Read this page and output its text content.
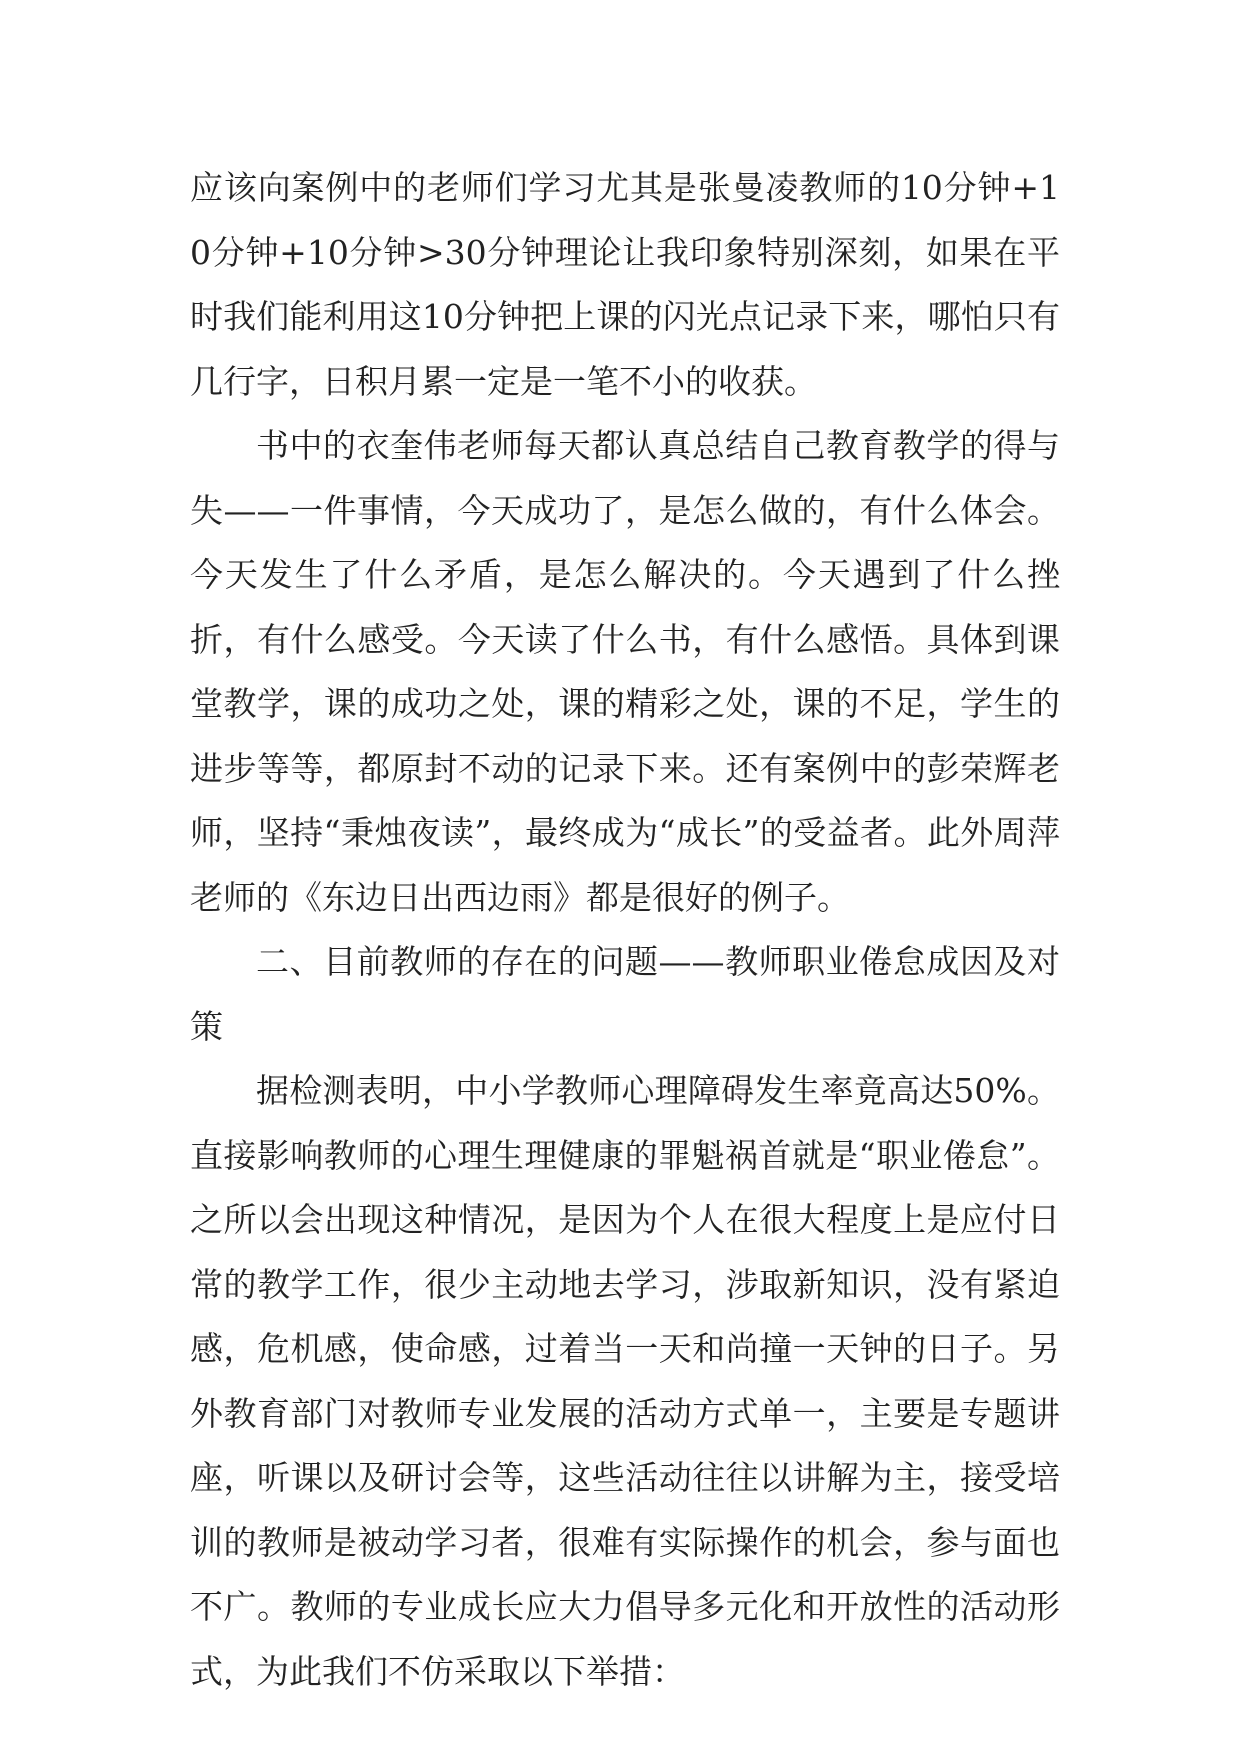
应该向案例中的老师们学习尤其是张曼凌教师的10分钟+10分钟+10分钟>30分钟理论让我印象特别深刻，如果在平时我们能利用这10分钟把上课的闪光点记录下来，哪怕只有几行字，日积月累一定是一笔不小的收获。

书中的衣奎伟老师每天都认真总结自己教育教学的得与失——一件事情，今天成功了，是怎么做的，有什么体会。今天发生了什么矛盾，是怎么解决的。今天遇到了什么挫折，有什么感受。今天读了什么书，有什么感悟。具体到课堂教学，课的成功之处，课的精彩之处，课的不足，学生的进步等等，都原封不动的记录下来。还有案例中的彭荣辉老师，坚持“秉烛夜读”，最终成为“成长”的受益者。此外周萍老师的《东边日出西边雨》都是很好的例子。

二、目前教师的存在的问题——教师职业倦怠成因及对策

据检测表明，中小学教师心理障碍发生率竟高达50%。直接影响教师的心理生理健康的罪魁祸首就是“职业倦怠”。之所以会出现这种情况，是因为个人在很大程度上是应付日常的教学工作，很少主动地去学习，涉取新知识，没有紧迫感，危机感，使命感，过着当一天和尚撞一天钟的日子。另外教育部门对教师专业发展的活动方式单一，主要是专题讲座，听课以及研讨会等，这些活动往往以讲解为主，接受培训的教师是被动学习者，很难有实际操作的机会，参与面也不广。教师的专业成长应大力倡导多元化和开放性的活动形式，为此我们不仿采取以下举措：
